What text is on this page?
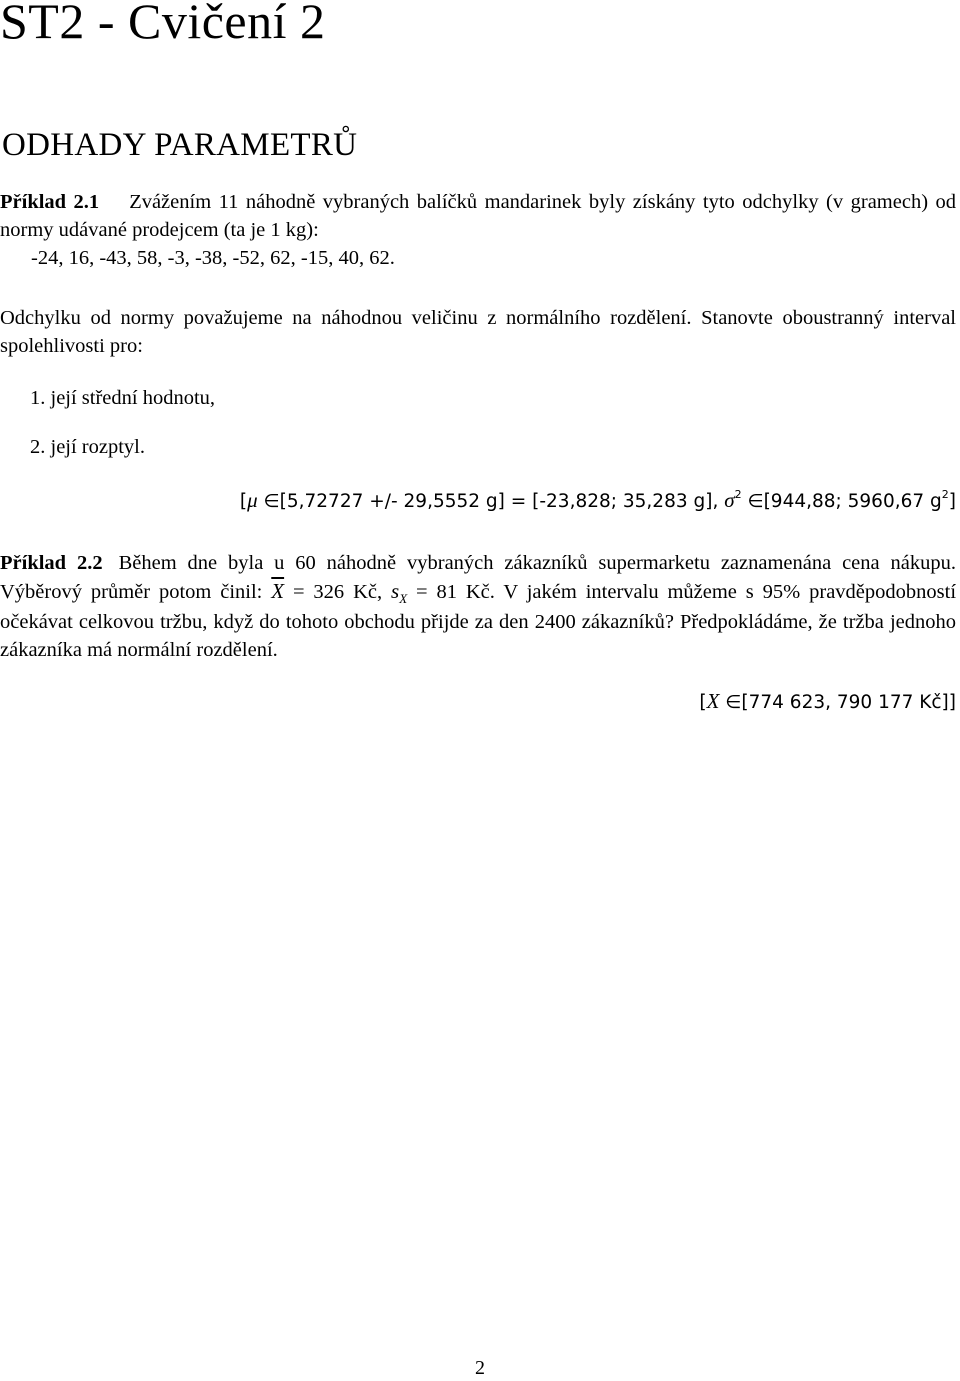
ST2 - Cvičení 2
ODHADY PARAMETRŮ
Příklad 2.1 Zvážením 11 náhodně vybraných balíčků mandarinek byly získány tyto odchylky (v gramech) od normy udávané prodejcem (ta je 1 kg):
-24, 16, -43, 58, -3, -38, -52, 62, -15, 40, 62.
Odchylku od normy považujeme na náhodnou veličinu z normálního rozdělení. Stanovte oboustranný interval spolehlivosti pro:
1. její střední hodnotu,
2. její rozptyl.
[μ ∈[5,72727 +/- 29,5552 g] = [-23,828; 35,283 g], $\sigma^2$ ∈[944,88; 5960,67 $g^2$]
Příklad 2.2 Během dne byla u 60 náhodně vybraných zákazníků supermarketu zaznamenána cena nákupu. Výběrový průměr potom činil: $\overline{X} = 326$ Kč, $s_X = 81$ Kč. V jakém intervalu můžeme s 95% pravděpodobností očekávat celkovou tržbu, když do tohoto obchodu přijde za den 2400 zákazníků? Předpokládáme, že tržba jednoho zákazníka má normální rozdělení.
[X ∈[774 623, 790 177 Kč]]
2
